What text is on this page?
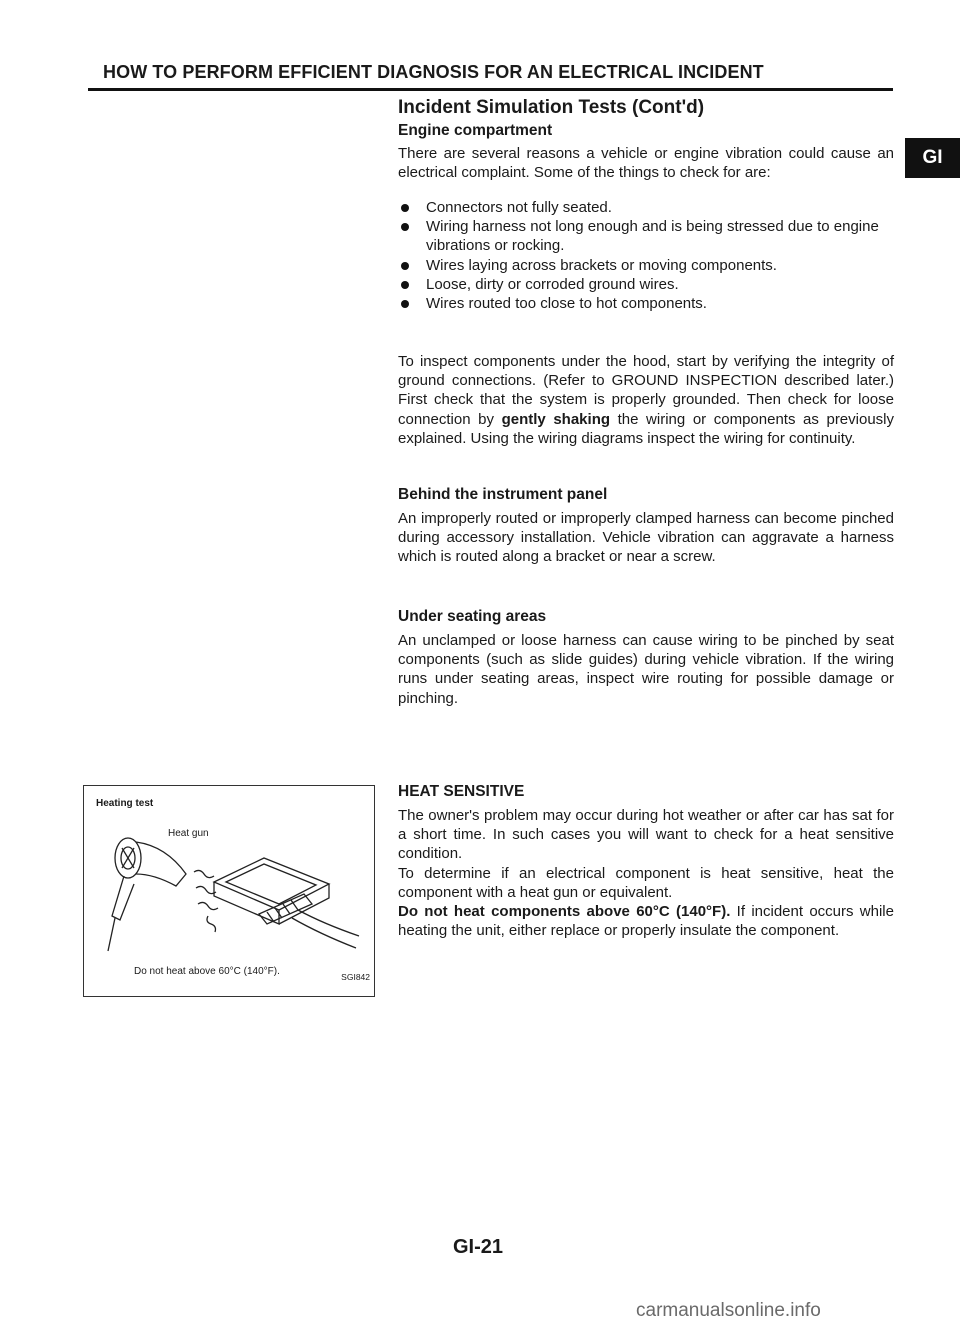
HOW TO PERFORM EFFICIENT DIAGNOSIS FOR AN ELECTRICAL INCIDENT
GI
Incident Simulation Tests (Cont'd)

Engine compartment

There are several reasons a vehicle or engine vibration could cause an electrical complaint. Some of the things to check for are:

Connectors not fully seated.
Wiring harness not long enough and is being stressed due to engine vibrations or rocking.
Wires laying across brackets or moving components.
Loose, dirty or corroded ground wires.
Wires routed too close to hot components.

To inspect components under the hood, start by verifying the integrity of ground connections. (Refer to GROUND INSPECTION described later.) First check that the system is properly grounded. Then check for loose connection by gently shaking the wiring or components as previously explained. Using the wiring diagrams inspect the wiring for continuity.

Behind the instrument panel

An improperly routed or improperly clamped harness can become pinched during accessory installation. Vehicle vibration can aggravate a harness which is routed along a bracket or near a screw.

Under seating areas

An unclamped or loose harness can cause wiring to be pinched by seat components (such as slide guides) during vehicle vibration. If the wiring runs under seating areas, inspect wire routing for possible damage or pinching.

HEAT SENSITIVE

The owner's problem may occur during hot weather or after car has sat for a short time. In such cases you will want to check for a heat sensitive condition.

To determine if an electrical component is heat sensitive, heat the component with a heat gun or equivalent.

Do not heat components above 60°C (140°F). If incident occurs while heating the unit, either replace or properly insulate the component.

Heating test
Heat gun
Do not heat above 60°C (140°F).	SGI842
GI-21
carmanualsonline.info
